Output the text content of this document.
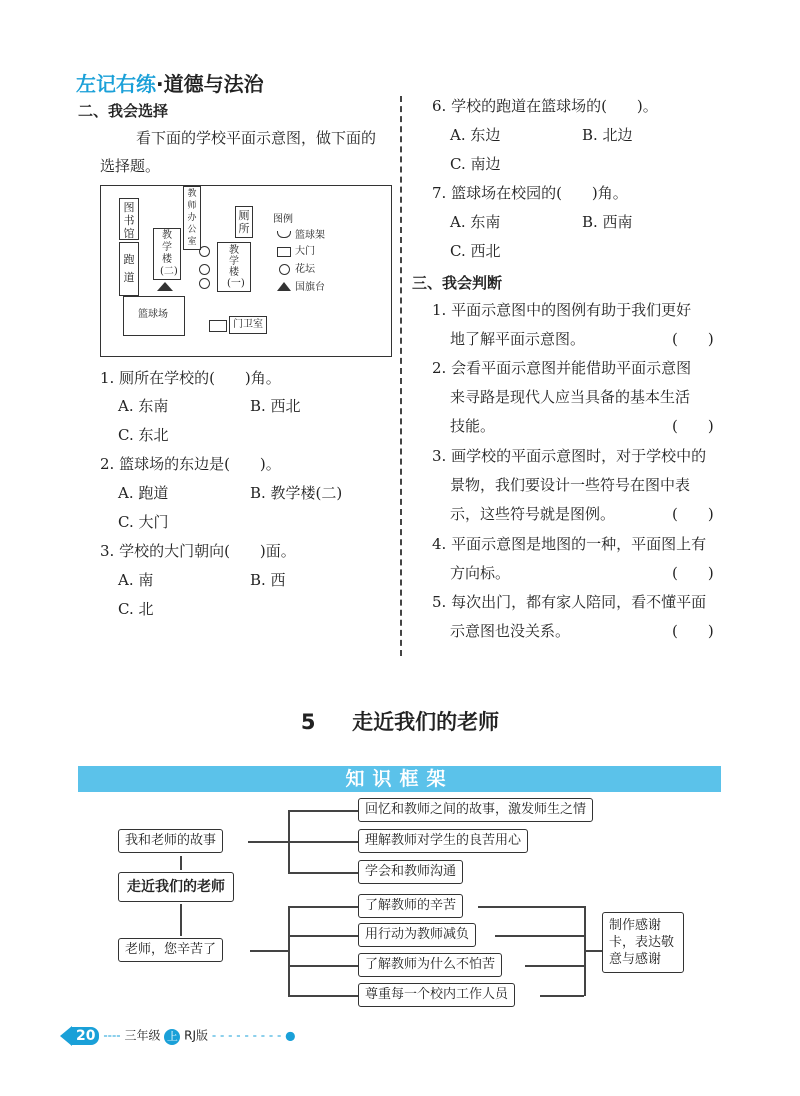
左记右练·道德与法治
二、我会选择
看下面的学校平面示意图，做下面的
选择题。
图书馆
教师办公室
厕所
跑道
教学楼(二)
教学楼(一)
篮球场
门卫室
图例
篮球架
大门
花坛
国旗台
1. 厕所在学校的(　　)角。
A. 东南	B. 西北
C. 东北
2. 篮球场的东边是(　　)。
A. 跑道	B. 教学楼(二)
C. 大门
3. 学校的大门朝向(　　)面。
A. 南	B. 西
C. 北
6. 学校的跑道在篮球场的(　　)。
A. 东边	B. 北边
C. 南边
7. 篮球场在校园的(　　)角。
A. 东南	B. 西南
C. 西北
三、我会判断
1. 平面示意图中的图例有助于我们更好
地了解平面示意图。	(　　)
2. 会看平面示意图并能借助平面示意图
来寻路是现代人应当具备的基本生活
技能。	(　　)
3. 画学校的平面示意图时，对于学校中的
景物，我们要设计一些符号在图中表
示，这些符号就是图例。	(　　)
4. 平面示意图是地图的一种，平面图上有
方向标。	(　　)
5. 每次出门，都有家人陪同，看不懂平面
示意图也没关系。	(　　)
5 走近我们的老师
知识框架
我和老师的故事
走近我们的老师
老师，您辛苦了
回忆和教师之间的故事，激发师生之情
理解教师对学生的良苦用心
学会和教师沟通
了解教师的辛苦
用行动为教师减负
了解教师为什么不怕苦
尊重每一个校内工作人员
制作感谢卡，表达敬意与感谢
20 ---- 三年级 上 RJ版 - - - - - - - - - ●
